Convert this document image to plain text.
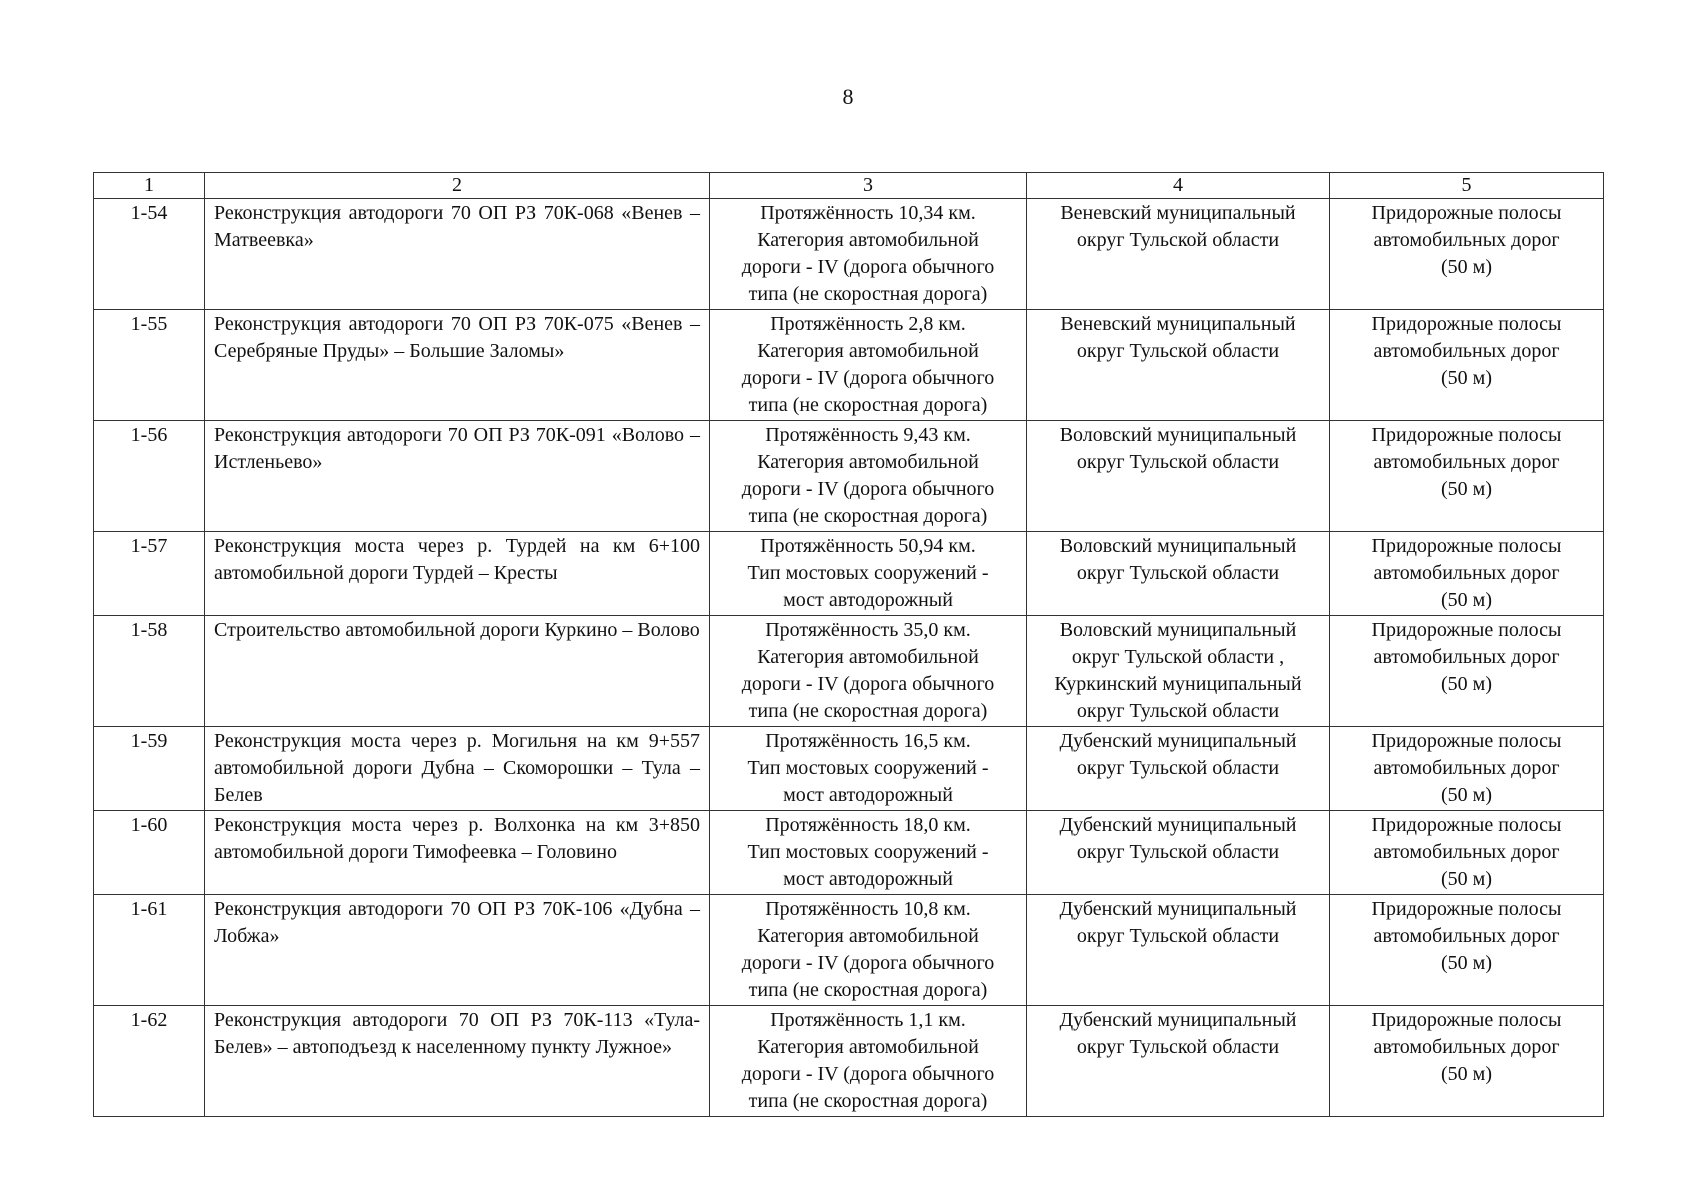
8
1	2	3	4	5
1-54	Реконструкция автодороги 70 ОП РЗ 70К-068 «Венев – Матвеевка»	Протяжённость 10,34 км.
Категория автомобильной
дороги - IV (дорога обычного
типа (не скоростная дорога)	Веневский муниципальный
округ Тульской области	Придорожные полосы
автомобильных дорог
(50 м)

1-55	Реконструкция автодороги 70 ОП РЗ 70К-075 «Венев – Серебряные Пруды» – Большие Заломы»	Протяжённость 2,8 км.
Категория автомобильной
дороги - IV (дорога обычного
типа (не скоростная дорога)	Веневский муниципальный
округ Тульской области	Придорожные полосы
автомобильных дорог
(50 м)

1-56	Реконструкция автодороги 70 ОП РЗ 70К-091 «Волово – Истленьево»	Протяжённость 9,43 км.
Категория автомобильной
дороги - IV (дорога обычного
типа (не скоростная дорога)	Воловский муниципальный
округ Тульской области	Придорожные полосы
автомобильных дорог
(50 м)

1-57	Реконструкция моста через р. Турдей на км 6+100 автомобильной дороги Турдей – Кресты	Протяжённость 50,94 км.
Тип мостовых сооружений -
мост автодорожный	Воловский муниципальный
округ Тульской области	Придорожные полосы
автомобильных дорог
(50 м)

1-58	Строительство автомобильной дороги Куркино – Волово	Протяжённость 35,0 км.
Категория автомобильной
дороги - IV (дорога обычного
типа (не скоростная дорога)	Воловский муниципальный
округ Тульской области ,
Куркинский муниципальный
округ Тульской области	Придорожные полосы
автомобильных дорог
(50 м)

1-59	Реконструкция моста через р. Могильня на км 9+557 автомобильной дороги Дубна – Скоморошки – Тула – Белев	Протяжённость 16,5 км.
Тип мостовых сооружений -
мост автодорожный	Дубенский муниципальный
округ Тульской области	Придорожные полосы
автомобильных дорог
(50 м)

1-60	Реконструкция моста через р. Волхонка на км 3+850 автомобильной дороги Тимофеевка – Головино	Протяжённость 18,0 км.
Тип мостовых сооружений -
мост автодорожный	Дубенский муниципальный
округ Тульской области	Придорожные полосы
автомобильных дорог
(50 м)

1-61	Реконструкция автодороги 70 ОП РЗ 70К-106 «Дубна – Лобжа»	Протяжённость 10,8 км.
Категория автомобильной
дороги - IV (дорога обычного
типа (не скоростная дорога)	Дубенский муниципальный
округ Тульской области	Придорожные полосы
автомобильных дорог
(50 м)

1-62	Реконструкция автодороги 70 ОП РЗ 70К-113 «Тула-Белев» – автоподъезд к населенному пункту Лужное»	Протяжённость 1,1 км.
Категория автомобильной
дороги - IV (дорога обычного
типа (не скоростная дорога)	Дубенский муниципальный
округ Тульской области	Придорожные полосы
автомобильных дорог
(50 м)
